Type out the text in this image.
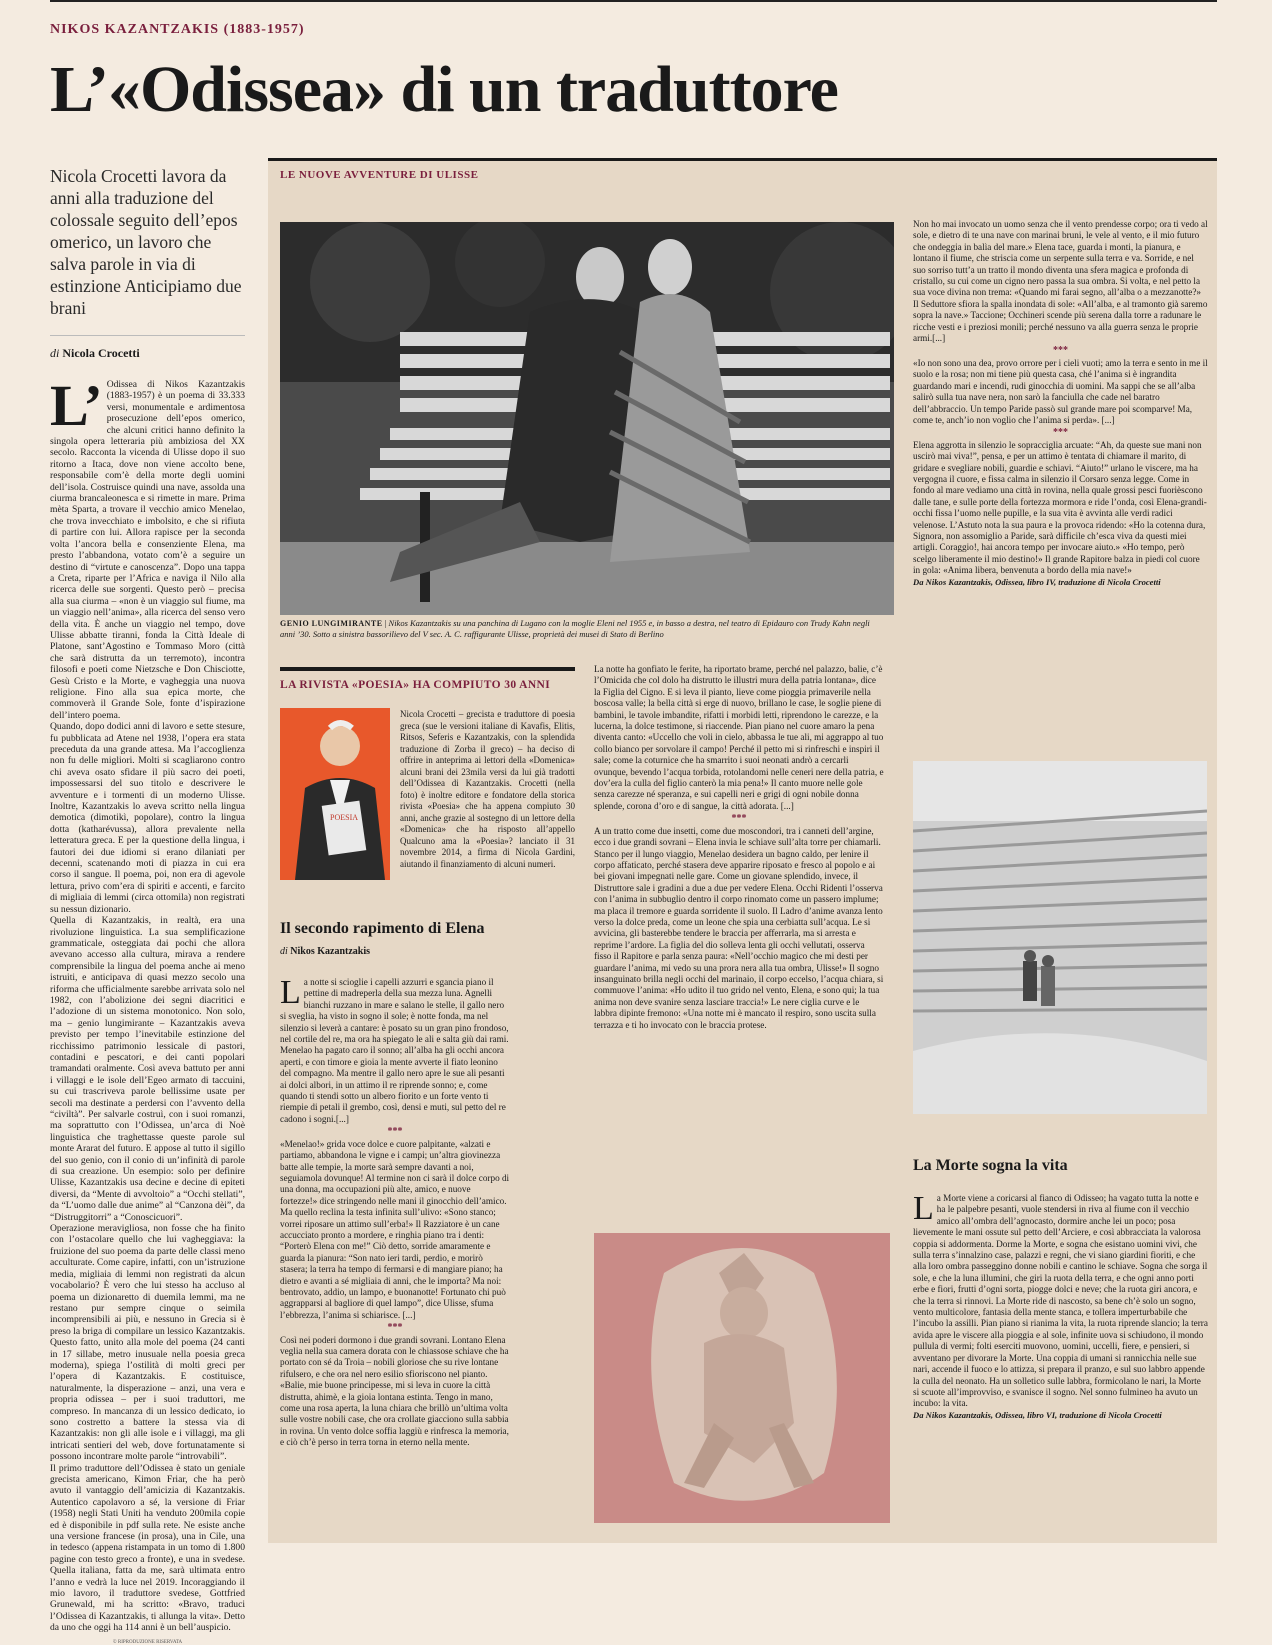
NIKOS KAZANTZAKIS (1883-1957)
L’«Odissea» di un traduttore
Nicola Crocetti lavora da anni alla traduzione del colossale seguito dell’epos omerico, un lavoro che salva parole in via di estinzione Anticipiamo due brani
di Nicola Crocetti
L’ Odissea di Nikos Kazantzakis (1883-1957) è un poema di 33.333 versi, monumentale e ardimentosa prosecuzione dell’epos omerico, che alcuni critici hanno definito la singola opera letteraria più ambiziosa del XX secolo. Racconta la vicenda di Ulisse dopo il suo ritorno a Itaca, dove non viene accolto bene, responsabile com’è della morte degli uomini dell’isola. Costruisce quindi una nave, assolda una ciurma brancaleonesca e si rimette in mare. Prima mèta Sparta, a trovare il vecchio amico Menelao, che trova invecchiato e imbolsito, e che si rifiuta di partire con lui. Allora rapisce per la seconda volta l’ancora bella e consenziente Elena, ma presto l’abbandona, votato com’è a seguire un destino di “virtute e canoscenza”. Dopo una tappa a Creta, riparte per l’Africa e naviga il Nilo alla ricerca delle sue sorgenti. Questo però – precisa alla sua ciurma – «non è un viaggio sul fiume, ma un viaggio nell’anima», alla ricerca del senso vero della vita. È anche un viaggio nel tempo, dove Ulisse abbatte tiranni, fonda la Città Ideale di Platone, sant’Agostino e Tommaso Moro (città che sarà distrutta da un terremoto), incontra filosofi e poeti come Nietzsche e Don Chisciotte, Gesù Cristo e la Morte, e vagheggia una nuova religione. Fino alla sua epica morte, che commoverà il Grande Sole, fonte d’ispirazione dell’intero poema.
Quando, dopo dodici anni di lavoro e sette stesure, fu pubblicata ad Atene nel 1938, l’opera era stata preceduta da una grande attesa. Ma l’accoglienza non fu delle migliori. Molti si scagliarono contro chi aveva osato sfidare il più sacro dei poeti, impossessarsi del suo titolo e descrivere le avventure e i tormenti di un moderno Ulisse. Inoltre, Kazantzakis lo aveva scritto nella lingua demotica (dimotikì, popolare), contro la lingua dotta (katharévussa), allora prevalente nella letteratura greca. E per la questione della lingua, i fautori dei due idiomi si erano dilaniati per decenni, scatenando moti di piazza in cui era corso il sangue. Il poema, poi, non era di agevole lettura, privo com’era di spiriti e accenti, e farcito di migliaia di lemmi (circa ottomila) non registrati su nessun dizionario.
Quella di Kazantzakis, in realtà, era una rivoluzione linguistica. La sua semplificazione grammaticale, osteggiata dai pochi che allora avevano accesso alla cultura, mirava a rendere comprensibile la lingua del poema anche ai meno istruiti, e anticipava di quasi mezzo secolo una riforma che ufficialmente sarebbe arrivata solo nel 1982, con l’abolizione dei segni diacritici e l’adozione di un sistema monotonico. Non solo, ma – genio lungimirante – Kazantzakis aveva previsto per tempo l’inevitabile estinzione del ricchissimo patrimonio lessicale di pastori, contadini e pescatori, e dei canti popolari tramandati oralmente. Così aveva battuto per anni i villaggi e le isole dell’Egeo armato di taccuini, su cui trascriveva parole bellissime usate per secoli ma destinate a perdersi con l’avvento della “civiltà”. Per salvarle costruì, con i suoi romanzi, ma soprattutto con l’Odissea, un’arca di Noè linguistica che traghettasse queste parole sul monte Ararat del futuro. E appose al tutto il sigillo del suo genio, con il conio di un’infinità di parole di sua creazione. Un esempio: solo per definire Ulisse, Kazantzakis usa decine e decine di epiteti diversi, da “Mente di avvoltoio” a “Occhi stellati”, da “L’uomo dalle due anime” al “Canzona dèi”, da “Distruggitorri” a “Conoscicuori”.
Operazione meravigliosa, non fosse che ha finito con l’ostacolare quello che lui vagheggiava: la fruizione del suo poema da parte delle classi meno acculturate. Come capire, infatti, con un’istruzione media, migliaia di lemmi non registrati da alcun vocabolario? È vero che lui stesso ha accluso al poema un dizionaretto di duemila lemmi, ma ne restano pur sempre cinque o seimila incomprensibili ai più, e nessuno in Grecia si è preso la briga di compilare un lessico Kazantzakis. Questo fatto, unito alla mole del poema (24 canti in 17 sillabe, metro inusuale nella poesia greca moderna), spiega l’ostilità di molti greci per l’opera di Kazantzakis. E costituisce, naturalmente, la disperazione – anzi, una vera e propria odissea – per i suoi traduttori, me compreso. In mancanza di un lessico dedicato, io sono costretto a battere la stessa via di Kazantzakis: non gli alle isole e i villaggi, ma gli intricati sentieri del web, dove fortunatamente si possono incontrare molte parole “introvabili”.
Il primo traduttore dell’Odissea è stato un geniale grecista americano, Kimon Friar, che ha però avuto il vantaggio dell’amicizia di Kazantzakis. Autentico capolavoro a sé, la versione di Friar (1958) negli Stati Uniti ha venduto 200mila copie ed è disponibile in pdf sulla rete. Ne esiste anche una versione francese (in prosa), una in Cile, una in tedesco (appena ristampata in un tomo di 1.800 pagine con testo greco a fronte), e una in svedese. Quella italiana, fatta da me, sarà ultimata entro l’anno e vedrà la luce nel 2019. Incoraggiando il mio lavoro, il traduttore svedese, Gottfried Grunewald, mi ha scritto: «Bravo, traduci l’Odissea di Kazantzakis, ti allunga la vita». Detto da uno che oggi ha 114 anni è un bell’auspicio.

© RIPRODUZIONE RISERVATA
LE NUOVE AVVENTURE DI ULISSE
GENIO LUNGIMIRANTE | Nikos Kazantzakis su una panchina di Lugano con la moglie Eleni nel 1955 e, in basso a destra, nel teatro di Epidauro con Trudy Kahn negli anni ’30. Sotto a sinistra bassorilievo del V sec. A. C. raffigurante Ulisse, proprietà dei musei di Stato di Berlino
LA RIVISTA «POESIA» HA COMPIUTO 30 ANNI
POESIA
Nicola Crocetti – grecista e traduttore di poesia greca (sue le versioni italiane di Kavafis, Elitis, Ritsos, Seferis e Kazantzakis, con la splendida traduzione di Zorba il greco) – ha deciso di offrire in anteprima ai lettori della «Domenica» alcuni brani dei 23mila versi da lui già tradotti dell’Odissea di Kazantzakis. Crocetti (nella foto) è inoltre editore e fondatore della storica rivista «Poesia» che ha appena compiuto 30 anni, anche grazie al sostegno di un lettore della «Domenica» che ha risposto all’appello Qualcuno ama la «Poesia»? lanciato il 31 novembre 2014, a firma di Nicola Gardini, aiutando il finanziamento di alcuni numeri.
Il secondo rapimento di Elena
di Nikos Kazantzakis
L a notte si scioglie i capelli azzurri e sgancia piano il pettine di madreperla della sua mezza luna. Agnelli bianchi ruzzano in mare e salano le stelle, il gallo nero si sveglia, ha visto in sogno il sole; è notte fonda, ma nel silenzio si leverà a cantare: è posato su un gran pino frondoso, nel cortile del re, ma ora ha spiegato le ali e salta giù dai rami. Menelao ha pagato caro il sonno; all’alba ha gli occhi ancora aperti, e con timore e gioia la mente avverte il fiato leonino del compagno. Ma mentre il gallo nero apre le sue ali pesanti ai dolci albori, in un attimo il re riprende sonno; e, come quando ti stendi sotto un albero fiorito e un forte vento ti riempie di petali il grembo, così, densi e muti, sul petto del re cadono i sogni.[...]

***

«Menelao!» grida voce dolce e cuore palpitante, «alzati e partiamo, abbandona le vigne e i campi; un’altra giovinezza batte alle tempie, la morte sarà sempre davanti a noi, seguiamola dovunque! Al termine non ci sarà il dolce corpo di una donna, ma occupazioni più alte, amico, e nuove fortezze!» dice stringendo nelle mani il ginocchio dell’amico. Ma quello reclina la testa infinita sull’ulivo: «Sono stanco; vorrei riposare un attimo sull’erba!» Il Razziatore è un cane accucciato pronto a mordere, e ringhia piano tra i denti: “Porterò Elena con me!” Ciò detto, sorride amaramente e guarda la pianura: “Son nato ieri tardi, perdio, e morirò stasera; la terra ha tempo di fermarsi e di mangiare piano; ha dietro e avanti a sé migliaia di anni, che le importa? Ma noi: bentrovato, addio, un lampo, e buonanotte! Fortunato chi può aggrapparsi al bagliore di quel lampo”, dice Ulisse, sfuma l’ebbrezza, l’anima si schiarisce. [...]

***

Così nei poderi dormono i due grandi sovrani. Lontano Elena veglia nella sua camera dorata con le chiassose schiave che ha portato con sé da Troia – nobili gloriose che su rive lontane rifulsero, e che ora nel nero esilio sfioriscono nel pianto. «Balie, mie buone principesse, mi si leva in cuore la città distrutta, ahimè, e la gioia lontana estinta. Tengo in mano, come una rosa aperta, la luna chiara che brillò un’ultima volta sulle vostre nobili case, che ora crollate giacciono sulla sabbia in rovina. Un vento dolce soffia laggiù e rinfresca la memoria, e ciò ch’è perso in terra torna in eterno nella mente.

La notte ha gonfiato le ferite, ha riportato brame, perché nel palazzo, balie, c’è l’Omicida che col dolo ha distrutto le illustri mura della patria lontana», dice la Figlia del Cigno. E si leva il pianto, lieve come pioggia primaverile nella boscosa valle; la bella città si erge di nuovo, brillano le case, le soglie piene di bambini, le tavole imbandite, rifatti i morbidi letti, riprendono le carezze, e la lucerna, la dolce testimone, si riaccende. Pian piano nel cuore amaro la pena diventa canto: «Uccello che voli in cielo, abbassa le tue ali, mi aggrappo al tuo collo bianco per sorvolare il campo! Perché il petto mi si rinfreschi e inspiri il sale; come la coturnice che ha smarrito i suoi neonati andrò a cercarli ovunque, bevendo l’acqua torbida, rotolandomi nelle ceneri nere della patria, e dov’era la culla del figlio canterò la mia pena!» Il canto muore nelle gole senza carezze né speranza, e sui capelli neri e grigi di ogni nobile donna splende, corona d’oro e di sangue, la città adorata. [...]

***

A un tratto come due insetti, come due moscondori, tra i canneti dell’argine, ecco i due grandi sovrani – Elena invia le schiave sull’alta torre per chiamarli. Stanco per il lungo viaggio, Menelao desidera un bagno caldo, per lenire il corpo affaticato, perché stasera deve apparire riposato e fresco al popolo e ai bei giovani impegnati nelle gare. Come un giovane splendido, invece, il Distruttore sale i gradini a due a due per vedere Elena. Occhi Ridenti l’osserva con l’anima in subbuglio dentro il corpo rinomato come un passero implume; ma placa il tremore e guarda sorridente il suolo. Il Ladro d’anime avanza lento verso la dolce preda, come un leone che spia una cerbiatta sull’acqua. Le si avvicina, gli basterebbe tendere le braccia per afferrarla, ma si arresta e reprime l’ardore. La figlia del dio solleva lenta gli occhi vellutati, osserva fisso il Rapitore e parla senza paura: «Nell’occhio magico che mi desti per guardare l’anima, mi vedo su una prora nera alla tua ombra, Ulisse!» Il sogno insanguinato brilla negli occhi del marinaio, il corpo eccelso, l’acqua chiara, si commuove l’anima: «Ho udito il tuo grido nel vento, Elena, e sono qui; la tua anima non deve svanire senza lasciare traccia!» Le nere ciglia curve e le labbra dipinte fremono: «Una notte mi è mancato il respiro, sono uscita sulla terrazza e ti ho invocato con le braccia protese.

Non ho mai invocato un uomo senza che il vento prendesse corpo; ora ti vedo al sole, e dietro di te una nave con marinai bruni, le vele al vento, e il mio futuro che ondeggia in balìa del mare.» Elena tace, guarda i monti, la pianura, e lontano il fiume, che striscia come un serpente sulla terra e va. Sorride, e nel suo sorriso tutt’a un tratto il mondo diventa una sfera magica e profonda di cristallo, su cui come un cigno nero passa la sua ombra. Si volta, e nel petto la sua voce divina non trema: «Quando mi farai segno, all’alba o a mezzanotte?» Il Seduttore sfiora la spalla inondata di sole: «All’alba, e al tramonto già saremo sopra la nave.» Taccione; Occhineri scende più serena dalla torre a radunare le ricche vesti e i preziosi monili; perché nessuno va alla guerra senza le proprie armi.[...]

***

«Io non sono una dea, provo orrore per i cieli vuoti; amo la terra e sento in me il suolo e la rosa; non mi tiene più questa casa, ché l’anima si è ingrandita guardando mari e incendi, rudi ginocchia di uomini. Ma sappi che se all’alba salirò sulla tua nave nera, non sarò la fanciulla che cade nel baratro dell’abbraccio. Un tempo Paride passò sul grande mare poi scomparve! Ma, come te, anch’io non voglio che l’anima si perda». [...]

***

Elena aggrotta in silenzio le sopracciglia arcuate: “Ah, da queste sue mani non uscirò mai viva!”, pensa, e per un attimo è tentata di chiamare il marito, di gridare e svegliare nobili, guardie e schiavi. “Aiuto!” urlano le viscere, ma ha vergogna il cuore, e fissa calma in silenzio il Corsaro senza legge. Come in fondo al mare vediamo una città in rovina, nella quale grossi pesci fuorièscono dalle tane, e sulle porte della fortezza mormora e ride l’onda, così Elena-grandi-occhi fissa l’uomo nelle pupille, e la sua vita è avvinta alle verdi radici velenose. L’Astuto nota la sua paura e la provoca ridendo: «Ho la cotenna dura, Signora, non assomiglio a Paride, sarà difficile ch’esca viva da questi miei artigli. Coraggio!, hai ancora tempo per invocare aiuto.» «Ho tempo, però scelgo liberamente il mio destino!» Il grande Rapitore balza in piedi col cuore in gola: «Anima libera, benvenuta a bordo della mia nave!»

Da Nikos Kazantzakis, Odissea, libro IV, traduzione di Nicola Crocetti
La Morte sogna la vita
L a Morte viene a coricarsi al fianco di Odisseo; ha vagato tutta la notte e ha le palpebre pesanti, vuole stendersi in riva al fiume con il vecchio amico all’ombra dell’agnocasto, dormire anche lei un poco; posa lievemente le mani ossute sul petto dell’Arciere, e così abbracciata la valorosa coppia si addormenta. Dorme la Morte, e sogna che esistano uomini vivi, che sulla terra s’innalzino case, palazzi e regni, che vi siano giardini fioriti, e che alla loro ombra passeggino donne nobili e cantino le schiave. Sogna che sorga il sole, e che la luna illumini, che giri la ruota della terra, e che ogni anno porti erbe e fiori, frutti d’ogni sorta, piogge dolci e neve; che la ruota giri ancora, e che la terra si rinnovi. La Morte ride di nascosto, sa bene ch’è solo un sogno, vento multicolore, fantasia della mente stanca, e tollera imperturbabile che l’incubo la assilli. Pian piano si rianima la vita, la ruota riprende slancio; la terra avida apre le viscere alla pioggia e al sole, infinite uova si schiudono, il mondo pullula di vermi; folti eserciti muovono, uomini, uccelli, fiere, e pensieri, si avventano per divorare la Morte. Una coppia di umani si rannicchia nelle sue nari, accende il fuoco e lo attizza, si prepara il pranzo, e sul suo labbro appende la culla del neonato. Ha un solletico sulle labbra, formicolano le nari, la Morte si scuote all’improvviso, e svanisce il sogno. Nel sonno fulmineo ha avuto un incubo: la vita.

Da Nikos Kazantzakis, Odissea, libro VI, traduzione di Nicola Crocetti
